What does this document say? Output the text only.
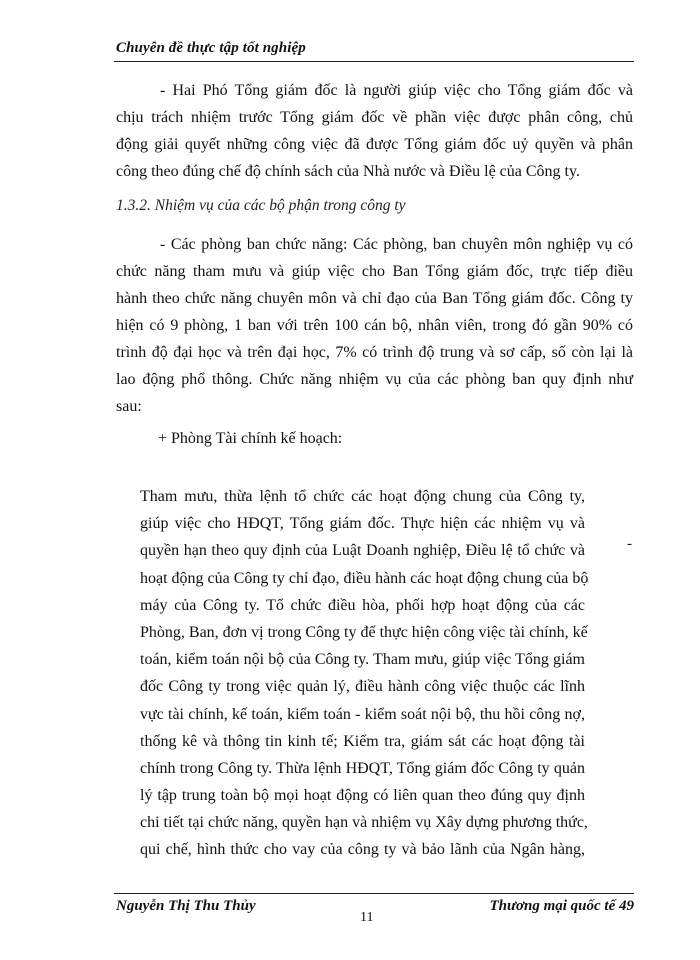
Chuyên đề thực tập tốt nghiệp
- Hai Phó Tổng giám đốc là người giúp việc cho Tổng giám đốc và
chịu trách nhiệm trước Tổng giám đốc về phần việc được phân công, chủ
động giải quyết những công việc đã được Tổng giám đốc uỷ quyền và phân
công theo đúng chế độ chính sách của Nhà nước và Điều lệ của Công ty.
1.3.2. Nhiệm vụ của các bộ phận trong công ty
- Các phòng ban chức năng: Các phòng, ban chuyên môn nghiệp vụ có
chức năng tham mưu và giúp việc cho Ban Tổng giám đốc, trực tiếp điều
hành theo chức năng chuyên môn và chỉ đạo của Ban Tổng giám đốc. Công ty
hiện có 9 phòng, 1 ban với trên 100 cán bộ, nhân viên, trong đó gần 90% có
trình độ đại học và trên đại học, 7% có trình độ trung và sơ cấp, số còn lại là
lao động phổ thông. Chức năng nhiệm vụ của các phòng ban quy định như
sau:
+ Phòng Tài chính kế hoạch:
Tham mưu, thừa lệnh tổ chức các hoạt động chung của Công ty,
giúp việc cho HĐQT, Tổng giám đốc. Thực hiện các nhiệm vụ và
quyền hạn theo quy định của Luật Doanh nghiệp, Điều lệ tổ chức và
hoạt động của Công ty chỉ đạo, điều hành các hoạt động chung của bộ
máy của Công ty. Tổ chức điều hòa, phối hợp hoạt động của các
Phòng, Ban, đơn vị trong Công ty để thực hiện công việc tài chính, kế
toán, kiểm toán nội bộ của Công ty. Tham mưu, giúp việc Tổng giám
đốc Công ty trong việc quản lý, điều hành công việc thuộc các lĩnh
vực tài chính, kế toán, kiểm toán - kiểm soát nội bộ, thu hồi công nợ,
thống kê và thông tin kinh tế; Kiểm tra, giám sát các hoạt động tài
chính trong Công ty. Thừa lệnh HĐQT, Tổng giám đốc Công ty quản
lý tập trung toàn bộ mọi hoạt động có liên quan theo đúng quy định
chi tiết tại chức năng, quyền hạn và nhiệm vụ Xây dựng phương thức,
qui chế, hình thức cho vay của công ty và bảo lãnh của Ngân hàng,
-
Nguyễn Thị Thu Thủy
11
Thương mại quốc tế 49
